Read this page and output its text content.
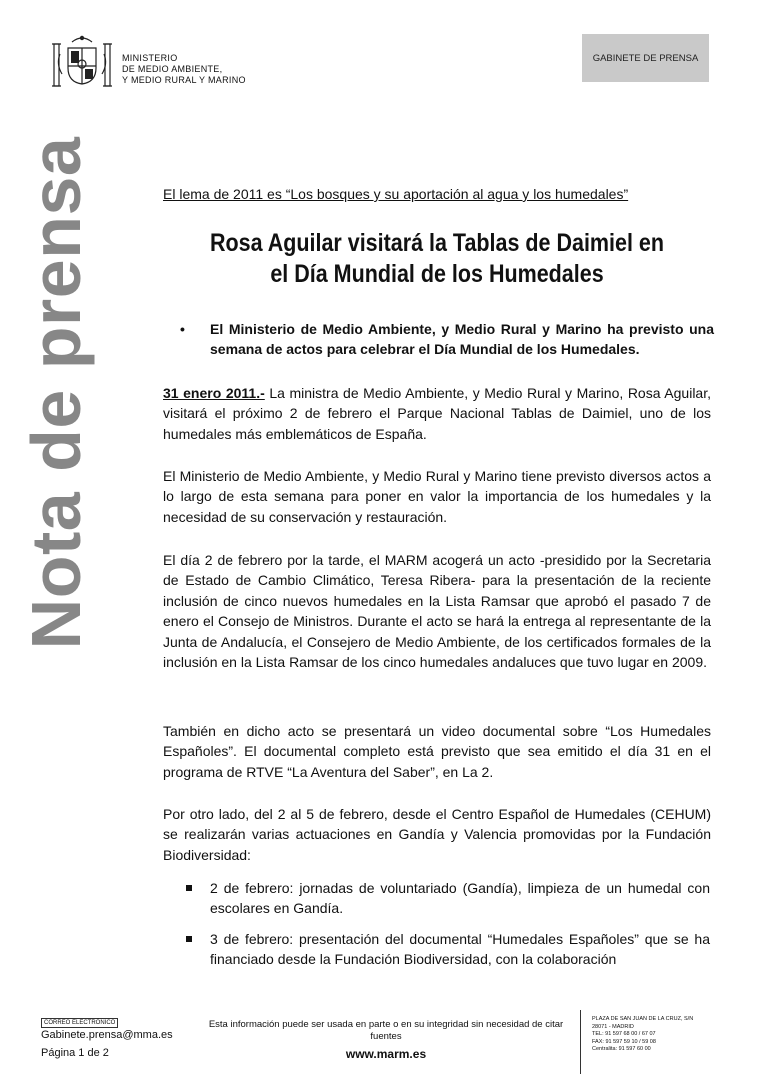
MINISTERIO
DE MEDIO AMBIENTE,
Y MEDIO RURAL Y MARINO
GABINETE DE PRENSA
Nota de prensa	El lema de 2011 es “Los bosques y su aportación al agua y los humedales”
Rosa Aguilar visitará la Tablas de Daimiel en el Día Mundial de los Humedales
• El Ministerio de Medio Ambiente, y Medio Rural y Marino ha previsto una semana de actos para celebrar el Día Mundial de los Humedales.
31 enero 2011.- La ministra de Medio Ambiente, y Medio Rural y Marino, Rosa Aguilar, visitará el próximo 2 de febrero el Parque Nacional Tablas de Daimiel, uno de los humedales más emblemáticos de España.
El Ministerio de Medio Ambiente, y Medio Rural y Marino tiene previsto diversos actos a lo largo de esta semana para poner en valor la importancia de los humedales y la necesidad de su conservación y restauración.
El día 2 de febrero por la tarde, el MARM acogerá un acto -presidido por la Secretaria de Estado de Cambio Climático, Teresa Ribera- para la presentación de la reciente inclusión de cinco nuevos humedales en la Lista Ramsar que aprobó el pasado 7 de enero el Consejo de Ministros. Durante el acto se hará la entrega al representante de la Junta de Andalucía, el Consejero de Medio Ambiente, de los certificados formales de la inclusión en la Lista Ramsar de los cinco humedales andaluces que tuvo lugar en 2009.
También en dicho acto se presentará un video documental sobre “Los Humedales Españoles”. El documental completo está previsto que sea emitido el día 31 en el programa de RTVE “La Aventura del Saber”, en La 2.
Por otro lado, del 2 al 5 de febrero, desde el Centro Español de Humedales (CEHUM) se realizarán varias actuaciones en Gandía y Valencia promovidas por la Fundación Biodiversidad:
2 de febrero: jornadas de voluntariado (Gandía), limpieza de un humedal con escolares en Gandía.
3 de febrero: presentación del documental “Humedales Españoles” que se ha financiado desde la Fundación Biodiversidad, con la colaboración
CORREO ELECTRÓNICO
Gabinete.prensa@mma.es
Página 1 de 2
Esta información puede ser usada en parte o en su integridad sin necesidad de citar fuentes
www.marm.es
PLAZA DE SAN JUAN DE LA CRUZ, S/N
28071 - MADRID
TEL: 91 597 68 00 / 67 07
FAX: 91 597 59 10 / 59 08
Centralita: 91 597 60 00
